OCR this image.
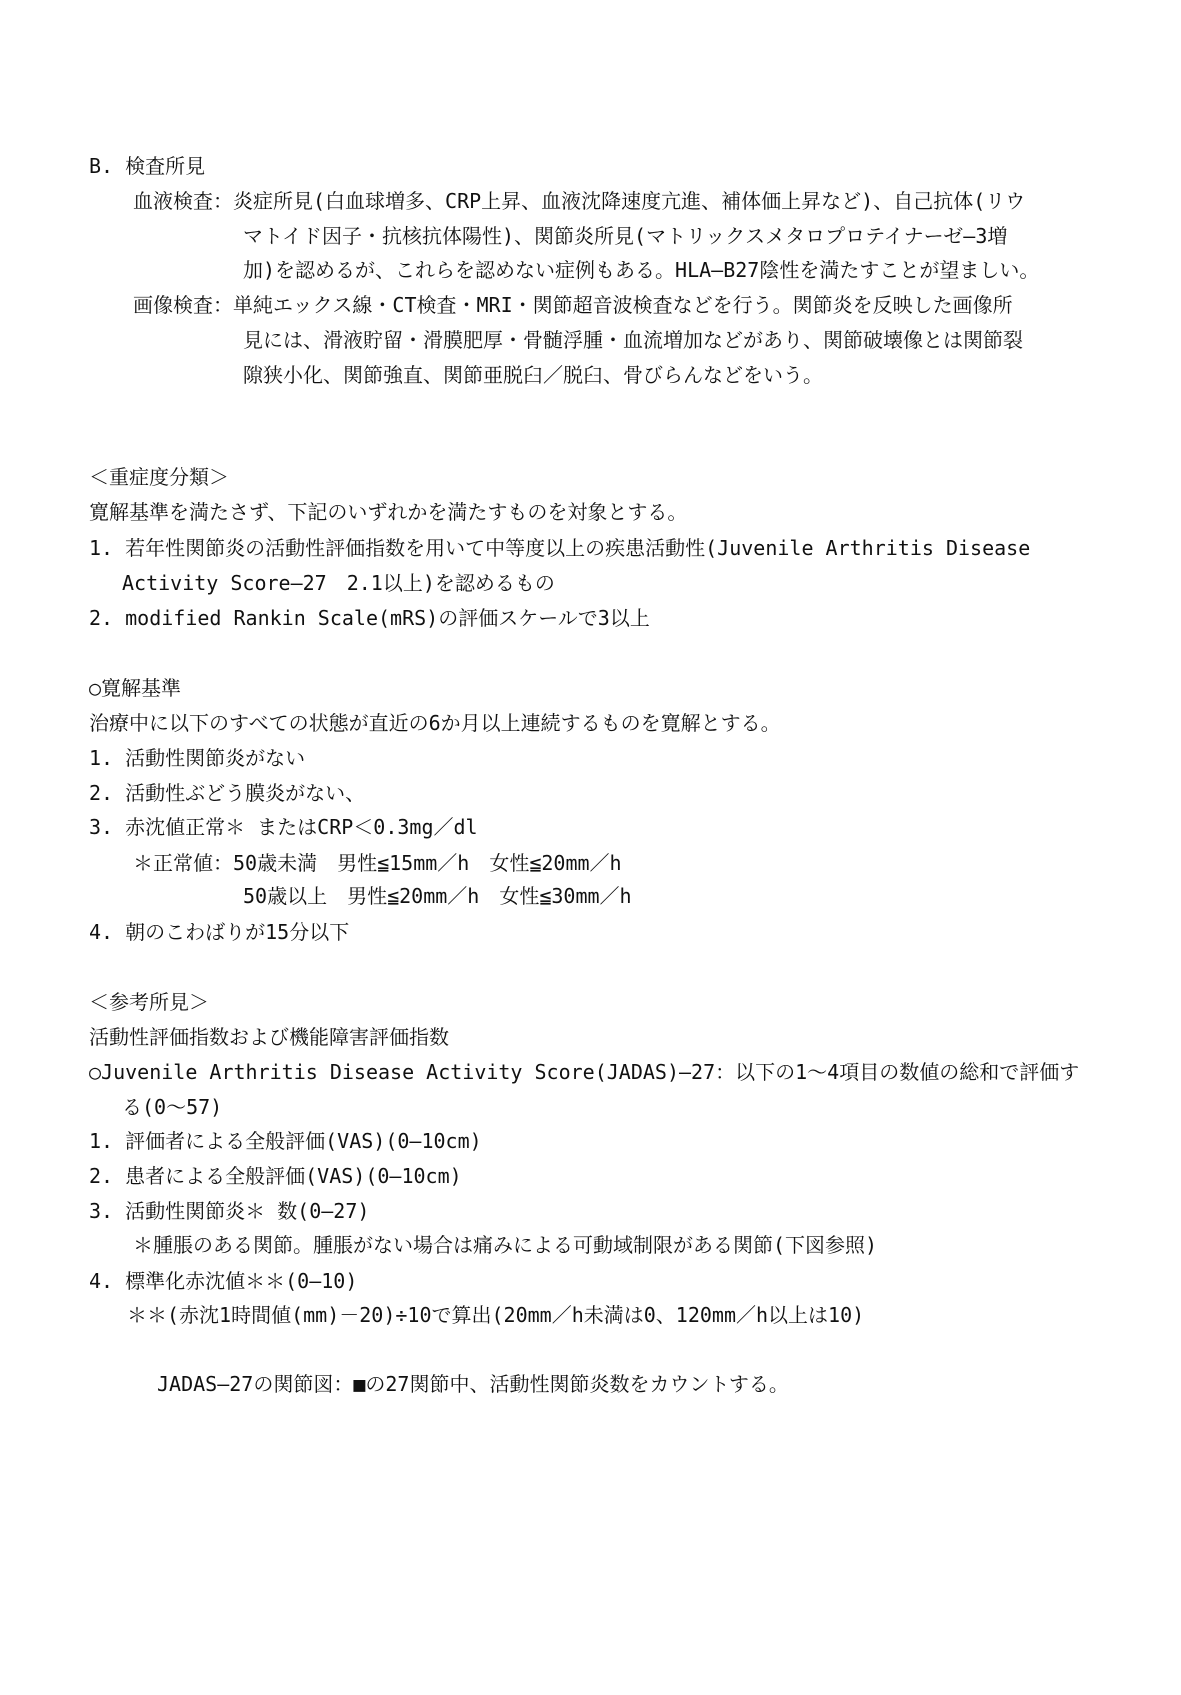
B. 検査所見
血液検査：炎症所見(白血球増多、CRP上昇、血液沈降速度亢進、補体価上昇など)、自己抗体(リウ
マトイド因子・抗核抗体陽性)、関節炎所見(マトリックスメタロプロテイナーゼ―3増
加)を認めるが、これらを認めない症例もある。HLA―B27陰性を満たすことが望ましい。
画像検査：単純エックス線・CT検査・MRI・関節超音波検査などを行う。関節炎を反映した画像所
見には、滑液貯留・滑膜肥厚・骨髄浮腫・血流増加などがあり、関節破壊像とは関節裂
隙狭小化、関節強直、関節亜脱臼／脱臼、骨びらんなどをいう。
＜重症度分類＞
寛解基準を満たさず、下記のいずれかを満たすものを対象とする。
1. 若年性関節炎の活動性評価指数を用いて中等度以上の疾患活動性(Juvenile Arthritis Disease
Activity Score―27　2.1以上)を認めるもの
2. modified Rankin Scale(mRS)の評価スケールで3以上
○寛解基準
治療中に以下のすべての状態が直近の6か月以上連続するものを寛解とする。
1. 活動性関節炎がない
2. 活動性ぶどう膜炎がない、
3. 赤沈値正常＊ またはCRP＜0.3mg／dl
＊正常値：50歳未満　男性≦15mm／h　女性≦20mm／h
50歳以上　男性≦20mm／h　女性≦30mm／h
4. 朝のこわばりが15分以下
＜参考所見＞
活動性評価指数および機能障害評価指数
○Juvenile Arthritis Disease Activity Score(JADAS)―27：以下の1～4項目の数値の総和で評価す
る(0～57)
1. 評価者による全般評価(VAS)(0―10cm)
2. 患者による全般評価(VAS)(0―10cm)
3. 活動性関節炎＊ 数(0―27)
＊腫脹のある関節。腫脹がない場合は痛みによる可動域制限がある関節(下図参照)
4. 標準化赤沈値＊＊(0―10)
＊＊(赤沈1時間値(mm)－20)÷10で算出(20mm／h未満は0、120mm／h以上は10)
JADAS―27の関節図：■の27関節中、活動性関節炎数をカウントする。
